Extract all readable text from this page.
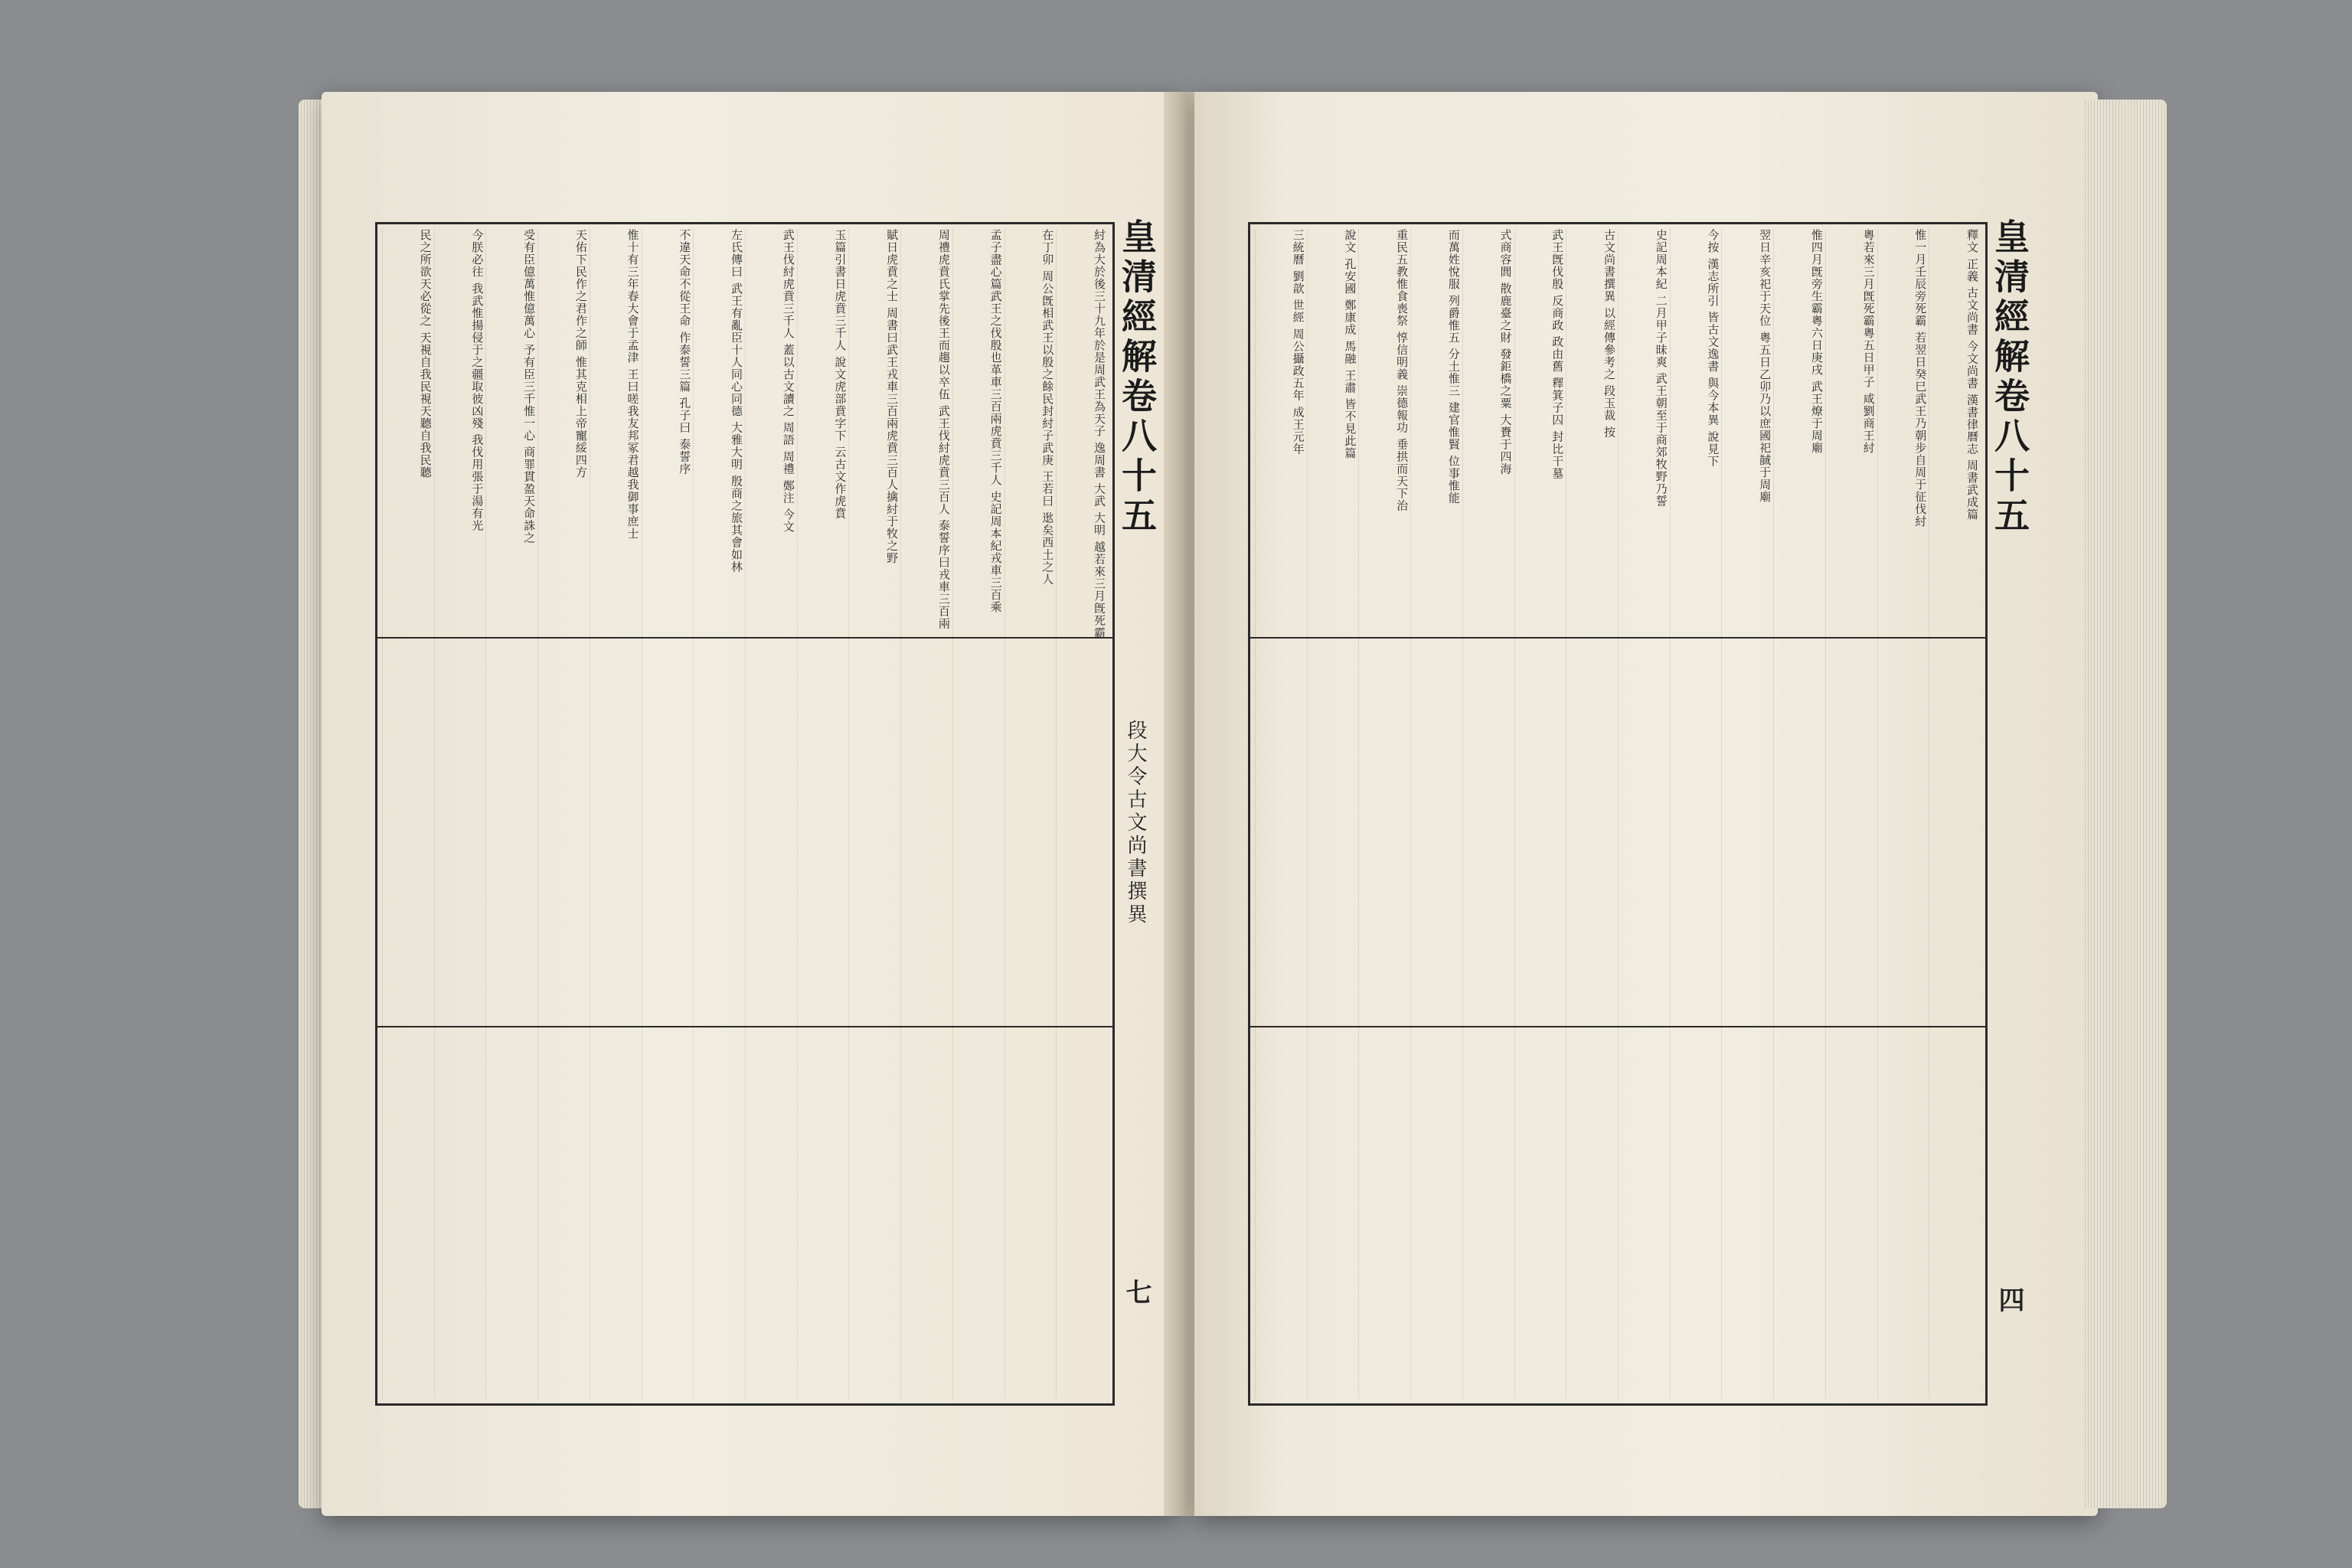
紂為大於後三十九年於是周武王為天子 逸周書 大武 大明 越若來三月旣死霸
在丁卯 周公旣相武王以殷之餘民封紂子武庚 王若曰 逖矣西土之人
孟子盡心篇武王之伐殷也革車三百兩虎賁三千人 史記周本紀戎車三百乘
周禮虎賁氏掌先後王而趨以卒伍 武王伐紂虎賁三百人 泰誓序曰戎車三百兩
賦日虎賁之士 周書曰武王戎車三百兩虎賁三百人擒紂于牧之野
玉篇引書日虎賁三千人 說文虎部賁字下 云古文作虎賁
武王伐紂虎賁三千人 蓋以古文讀之 周語 周禮 鄭注 今文
左氏傳曰 武王有亂臣十人同心同德 大雅大明 殷商之旅其會如林
不違天命不從王命 作泰誓三篇 孔子曰 泰誓序
惟十有三年春大會于孟津 王曰嗟我友邦冢君越我御事庶士
天佑下民作之君作之師 惟其克相上帝寵綏四方
受有臣億萬惟億萬心 予有臣三千惟一心 商罪貫盈天命誅之
今朕必往 我武惟揚侵于之疆取彼凶殘 我伐用張于湯有光
民之所欲天必從之 天視自我民視天聽自我民聽	皇清經解卷八十五
段大令古文尚書撰異
七
釋文 正義 古文尚書 今文尚書 漢書律曆志 周書武成篇
惟一月壬辰旁死霸 若翌日癸巳武王乃朝步自周于征伐紂
粵若來三月旣死霸粵五日甲子 咸劉商王紂
惟四月旣旁生霸粵六日庚戌 武王燎于周廟
翌日辛亥祀于天位 粵五日乙卯乃以庶國祀馘于周廟
今按 漢志所引 皆古文逸書 與今本異 說見下
史記周本紀 二月甲子昧爽 武王朝至于商郊牧野乃誓
古文尚書撰異 以經傳參考之 段玉裁 按
武王旣伐殷 反商政 政由舊 釋箕子囚 封比干墓
式商容閭 散鹿臺之財 發鉅橋之粟 大賚于四海
而萬姓悅服 列爵惟五 分土惟三 建官惟賢 位事惟能
重民五教惟食喪祭 惇信明義 崇德報功 垂拱而天下治
說文 孔安國 鄭康成 馬融 王肅 皆不見此篇
三統曆 劉歆 世經 周公攝政五年 成王元年	皇清經解卷八十五
四
